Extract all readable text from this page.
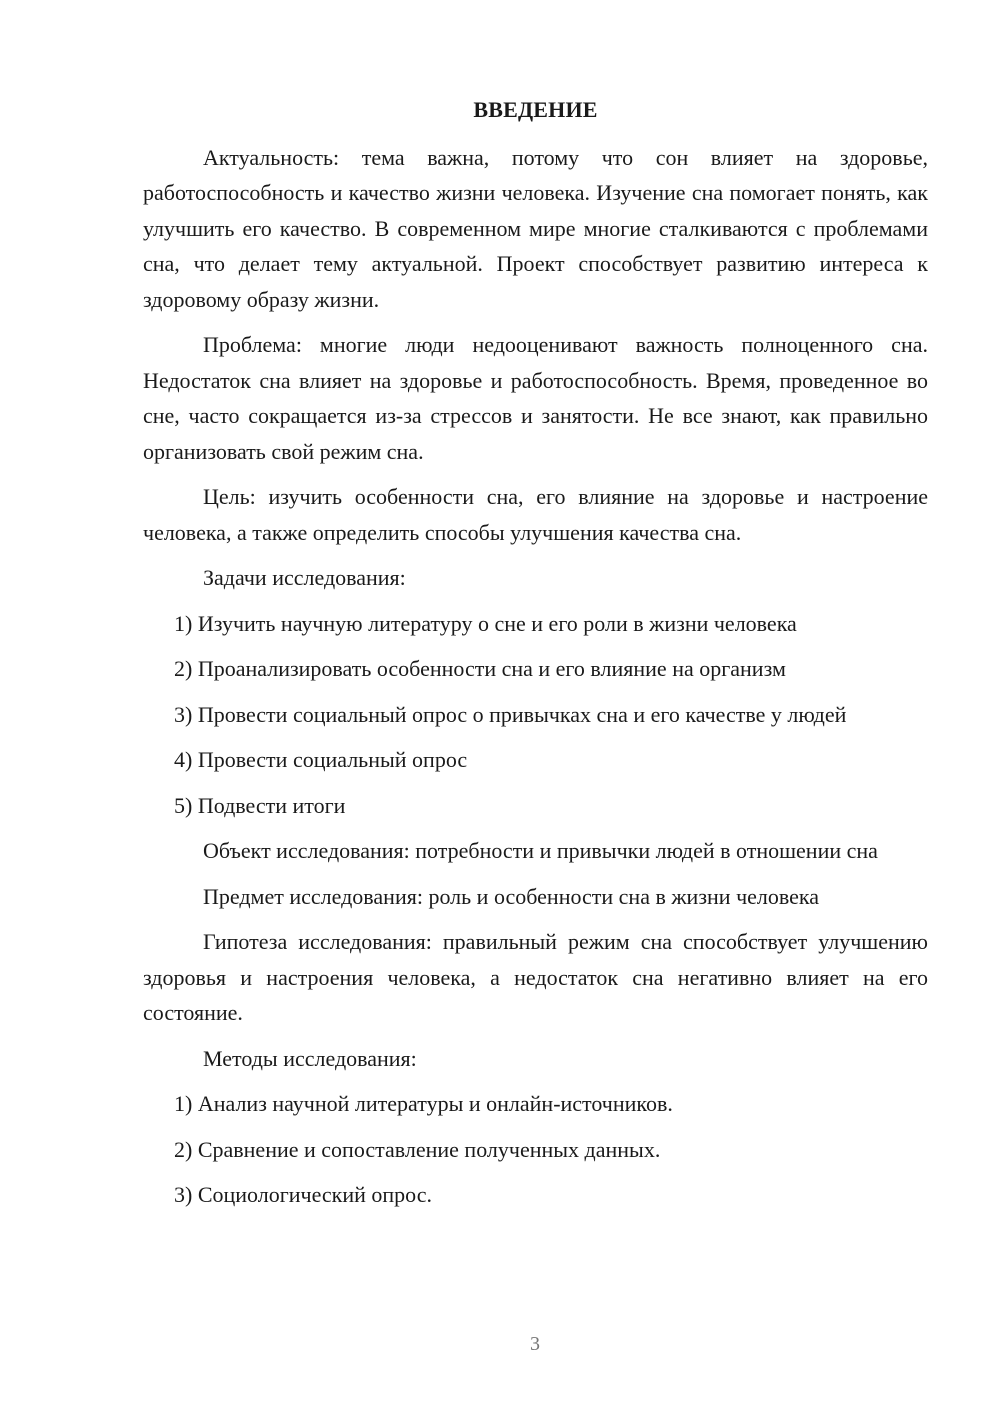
ВВЕДЕНИЕ

Актуальность: тема важна, потому что сон влияет на здоровье, работоспособность и качество жизни человека. Изучение сна помогает понять, как улучшить его качество. В современном мире многие сталкиваются с проблемами сна, что делает тему актуальной. Проект способствует развитию интереса к здоровому образу жизни.

Проблема: многие люди недооценивают важность полноценного сна. Недостаток сна влияет на здоровье и работоспособность. Время, проведенное во сне, часто сокращается из-за стрессов и занятости. Не все знают, как правильно организовать свой режим сна.

Цель: изучить особенности сна, его влияние на здоровье и настроение человека, а также определить способы улучшения качества сна.

Задачи исследования:

1) Изучить научную литературу о сне и его роли в жизни человека

2) Проанализировать особенности сна и его влияние на организм

3) Провести социальный опрос о привычках сна и его качестве у людей

4) Провести социальный опрос

5) Подвести итоги

Объект исследования: потребности и привычки людей в отношении сна

Предмет исследования: роль и особенности сна в жизни человека

Гипотеза исследования: правильный режим сна способствует улучшению здоровья и настроения человека, а недостаток сна негативно влияет на его состояние.

Методы исследования:

1) Анализ научной литературы и онлайн-источников.

2) Сравнение и сопоставление полученных данных.

3) Социологический опрос.

3
